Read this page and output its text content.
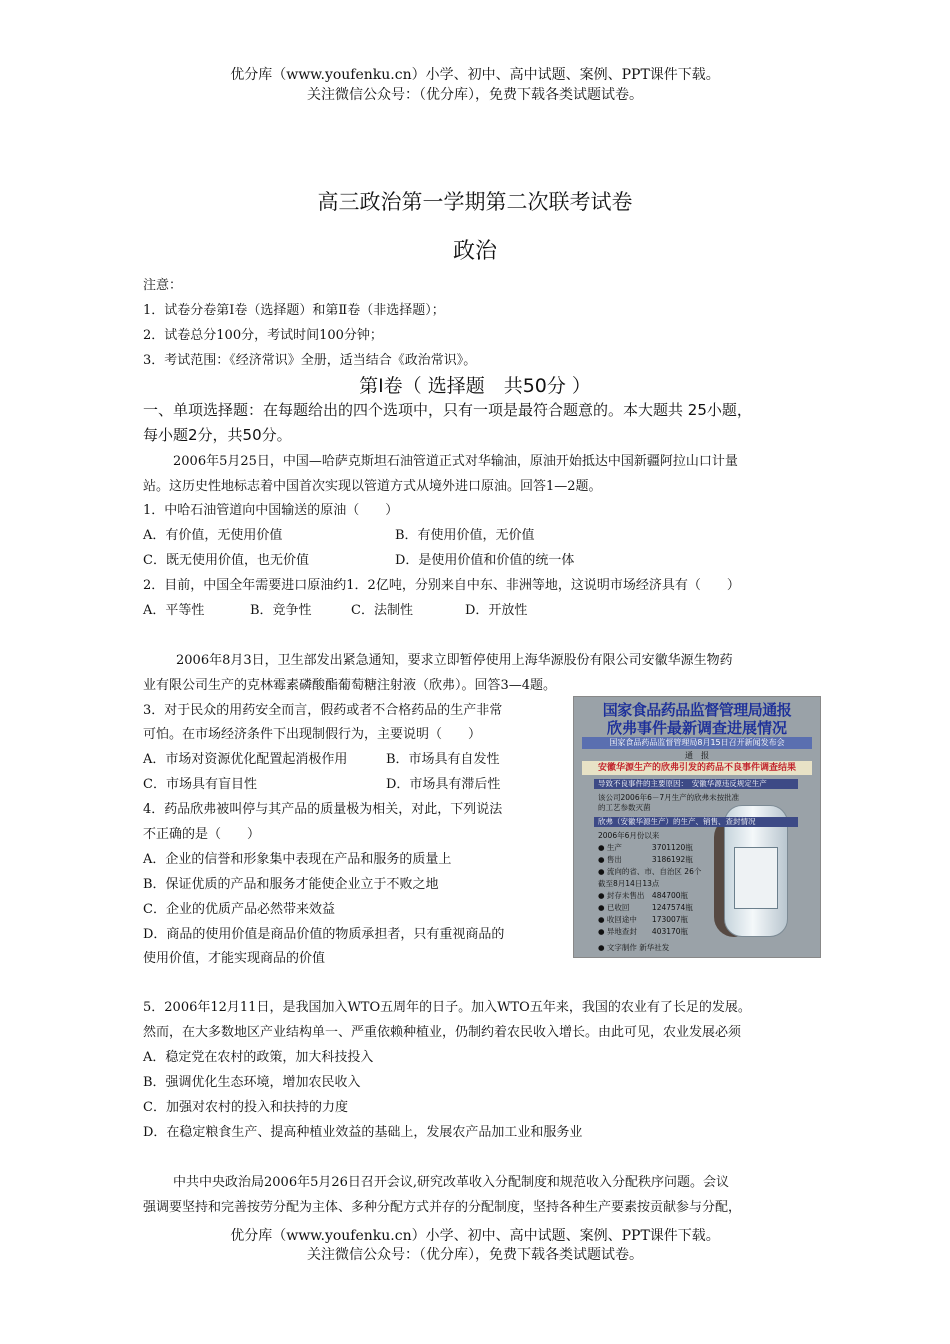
优分库（www.youfenku.cn）小学、初中、高中试题、案例、PPT课件下载。
关注微信公众号：（优分库），免费下载各类试题试卷。
高三政治第一学期第二次联考试卷
政治
注意：
1．试卷分卷第Ⅰ卷（选择题）和第Ⅱ卷（非选择题）；
2．试卷总分100分，考试时间100分钟；
3．考试范围：《经济常识》全册，适当结合《政治常识》。
第Ⅰ卷（ 选择题　共50分 ）
一、单项选择题：在每题给出的四个选项中，只有一项是最符合题意的。本大题共 25小题，
每小题2分，共50分。
2006年5月25日，中国—哈萨克斯坦石油管道正式对华输油，原油开始抵达中国新疆阿拉山口计量
站。这历史性地标志着中国首次实现以管道方式从境外进口原油。回答1—2题。
1．中哈石油管道向中国输送的原油（　　）
A．有价值，无使用价值	B．有使用价值，无价值
C．既无使用价值，也无价值	D．是使用价值和价值的统一体
2．目前，中国全年需要进口原油约1．2亿吨，分别来自中东、非洲等地，这说明市场经济具有（　　）
A．平等性	B．竞争性	C．法制性	D．开放性
2006年8月3日，卫生部发出紧急通知，要求立即暂停使用上海华源股份有限公司安徽华源生物药
业有限公司生产的克林霉素磷酸酯葡萄糖注射液（欣弗）。回答3—4题。
3．对于民众的用药安全而言，假药或者不合格药品的生产非常
可怕。在市场经济条件下出现制假行为，主要说明（　　）
A．市场对资源优化配置起消极作用	B．市场具有自发性
C．市场具有盲目性	D．市场具有滞后性
4．药品欣弗被叫停与其产品的质量极为相关，对此，下列说法
不正确的是（　　）
A．企业的信誉和形象集中表现在产品和服务的质量上
B．保证优质的产品和服务才能使企业立于不败之地
C．企业的优质产品必然带来效益
D．商品的使用价值是商品价值的物质承担者，只有重视商品的
使用价值，才能实现商品的价值
国家食品药品监督管理局通报
欣弗事件最新调查进展情况
国家食品药品监督管理局8月15日召开新闻发布会
通　报
安徽华源生产的欣弗引发的药品不良事件调查结果
导致不良事件的主要原因：　安徽华源违反规定生产
该公司2006年6－7月生产的欣弗未按批准
的工艺参数灭菌
欣弗（安徽华源生产）的生产、销售、查封情况
2006年6月份以来
● 生产　　　　3701120瓶
● 售出　　　　3186192瓶
● 流向的省、市、自治区 26个
截至8月14日13点
● 封存未售出　484700瓶
● 已收回　　　1247574瓶
● 收回途中　　173007瓶
● 异地查封　　403170瓶
● 文字制作 新华社发
5．2006年12月11日，是我国加入WTO五周年的日子。加入WTO五年来，我国的农业有了长足的发展。
然而，在大多数地区产业结构单一、严重依赖种植业，仍制约着农民收入增长。由此可见，农业发展必须
A．稳定党在农村的政策，加大科技投入
B．强调优化生态环境，增加农民收入
C．加强对农村的投入和扶持的力度
D．在稳定粮食生产、提高种植业效益的基础上，发展农产品加工业和服务业
中共中央政治局2006年5月26日召开会议,研究改革收入分配制度和规范收入分配秩序问题。会议
强调要坚持和完善按劳分配为主体、多种分配方式并存的分配制度，坚持各种生产要素按贡献参与分配，
优分库（www.youfenku.cn）小学、初中、高中试题、案例、PPT课件下载。
关注微信公众号：（优分库），免费下载各类试题试卷。
